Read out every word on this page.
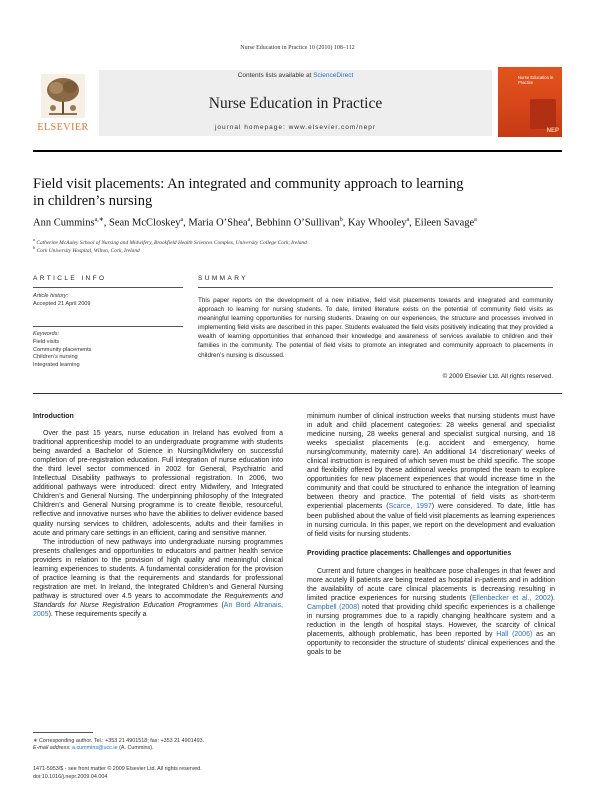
Nurse Education in Practice 10 (2010) 108–112
ELSEVIER
Contents lists available at ScienceDirect
Nurse Education in Practice
journal homepage: www.elsevier.com/nepr
Nurse Education in Practice
NEP
Field visit placements: An integrated and community approach to learning
in children’s nursing
Ann Cummins$^{a,∗}$, Sean McCloskey$^a$, Maria O’Shea$^a$, Bebhinn O’Sullivan$^b$, Kay Whooley$^a$, Eileen Savage$^a$
$^a$ Catherine McAuley School of Nursing and Midwifery, Brookfield Health Sciences Complex, University College Cork, Ireland
$^b$ Cork University Hospital, Wilton, Cork, Ireland
ARTICLE INFO
Article history:
Accepted 21 April 2009
Keywords:
Field visits
Community placements
Children’s nursing
Integrated learning
SUMMARY
This paper reports on the development of a new initiative, field visit placements towards and integrated and community approach to learning for nursing students. To date, limited literature exists on the potential of community field visits as meaningful learning opportunities for nursing students. Drawing on our experiences, the structure and processes involved in implementing field visits are described in this paper. Students evaluated the field visits positively indicating that they provided a wealth of learning opportunities that enhanced their knowledge and awareness of services available to children and their families in the community. The potential of field visits to promote an integrated and community approach to placements in children’s nursing is discussed.
© 2009 Elsevier Ltd. All rights reserved.
Introduction

Over the past 15 years, nurse education in Ireland has evolved from a traditional apprenticeship model to an undergraduate programme with students being awarded a Bachelor of Science in Nursing/Midwifery on successful completion of pre-registration education. Full integration of nurse education into the third level sector commenced in 2002 for General, Psychiatric and Intellectual Disability pathways to professional registration. In 2006, two additional pathways were introduced: direct entry Midwifery, and Integrated Children’s and General Nursing. The underpinning philosophy of the Integrated Children’s and General Nursing programme is to create flexible, resourceful, reflective and innovative nurses who have the abilities to deliver evidence based quality nursing services to children, adolescents, adults and their families in acute and primary care settings in an efficient, caring and sensitive manner.

The introduction of new pathways into undergraduate nursing programmes presents challenges and opportunities to educators and partner health service providers in relation to the provision of high quality and meaningful clinical learning experiences to students. A fundamental consideration for the provision of practice learning is that the requirements and standards for professional registration are met. In Ireland, the Integrated Children’s and General Nursing pathway is structured over 4.5 years to accommodate the Requirements and Standards for Nurse Registration Education Programmes (An Bord Altranais, 2005). These requirements specify a

minimum number of clinical instruction weeks that nursing students must have in adult and child placement categories: 28 weeks general and specialist medicine nursing, 28 weeks general and specialist surgical nursing, and 18 weeks specialist placements (e.g. accident and emergency, home nursing/community, maternity care). An additional 14 ‘discretionary’ weeks of clinical instruction is required of which seven must be child specific. The scope and flexibility offered by these additional weeks prompted the team to explore opportunities for new placement experiences that would increase time in the community and that could be structured to enhance the integration of learning between theory and practice. The potential of field visits as short-term experiential placements (Scarce, 1997) were considered. To date, little has been published about the value of field visit placements as learning experiences in nursing curricula. In this paper, we report on the development and evaluation of field visits for nursing students.

Providing practice placements: Challenges and opportunities

Current and future changes in healthcare pose challenges in that fewer and more acutely ill patients are being treated as hospital in-patients and in addition the availability of acute care clinical placements is decreasing resulting in limited practice experiences for nursing students (Ellenbecker et al., 2002). Campbell (2008) noted that providing child specific experiences is a challenge in nursing programmes due to a rapidly changing healthcare system and a reduction in the length of hospital stays. However, the scarcity of clinical placements, although problematic, has been reported by Hall (2006) as an opportunity to reconsider the structure of students’ clinical experiences and the goals to be

∗ Corresponding author. Tel.: +353 21 4901518; fax: +353 21 4901493.
E-mail address: a.cummins@ucc.ie (A. Cummins).
1471-5953/$ - see front matter © 2009 Elsevier Ltd. All rights reserved.
doi:10.1016/j.nepr.2009.04.004
